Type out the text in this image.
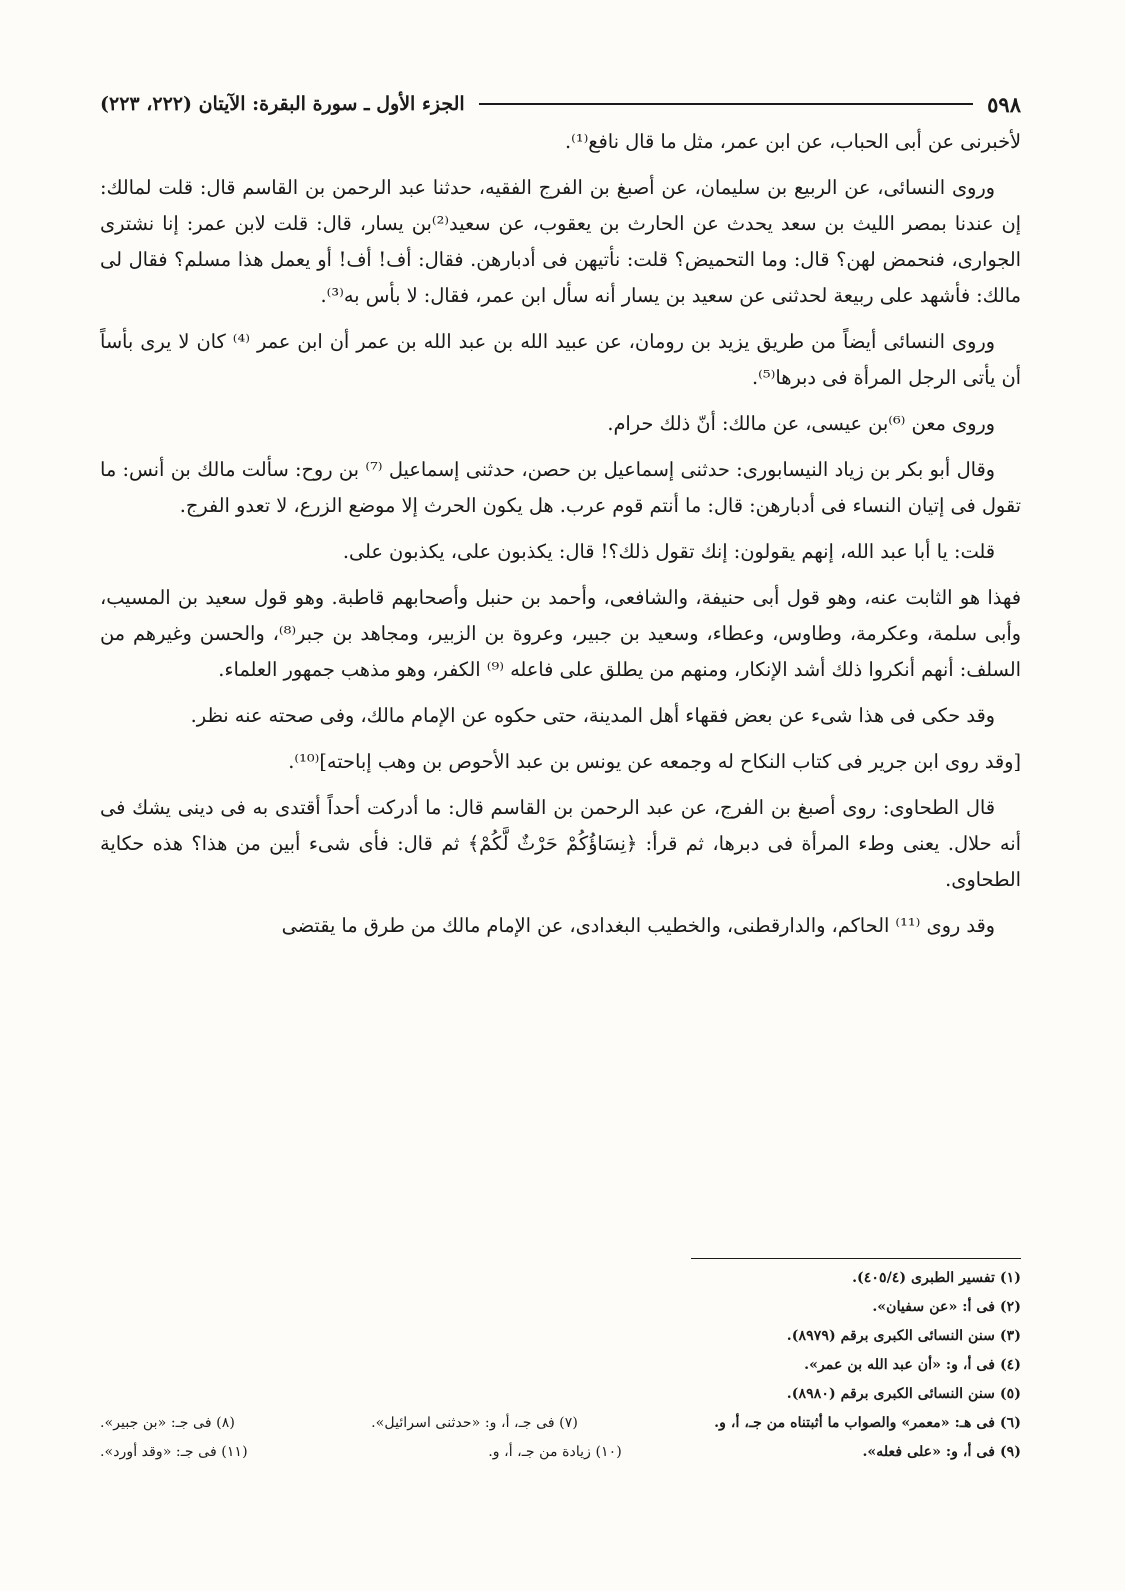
٥٩٨
الجزء الأول ـ سورة البقرة: الآيتان (٢٢٢، ٢٢٣)

لأخبرنى عن أبى الحباب، عن ابن عمر، مثل ما قال نافع⁽¹⁾.

وروى النسائى، عن الربيع بن سليمان، عن أصبغ بن الفرج الفقيه، حدثنا عبد الرحمن بن القاسم قال: قلت لمالك: إن عندنا بمصر الليث بن سعد يحدث عن الحارث بن يعقوب، عن سعيد⁽²⁾بن يسار، قال: قلت لابن عمر: إنا نشترى الجوارى، فنحمض لهن؟ قال: وما التحميض؟ قلت: نأتيهن فى أدبارهن. فقال: أف! أف! أو يعمل هذا مسلم؟ فقال لى مالك: فأشهد على ربيعة لحدثنى عن سعيد بن يسار أنه سأل ابن عمر، فقال: لا بأس به⁽³⁾.

وروى النسائى أيضاً من طريق يزيد بن رومان، عن عبيد الله بن عبد الله بن عمر أن ابن عمر ⁽⁴⁾ كان لا يرى بأساً أن يأتى الرجل المرأة فى دبرها⁽⁵⁾.

وروى معن ⁽⁶⁾بن عيسى، عن مالك: أنّ ذلك حرام.

وقال أبو بكر بن زياد النيسابورى: حدثنى إسماعيل بن حصن، حدثنى إسماعيل ⁽⁷⁾ بن روح: سألت مالك بن أنس: ما تقول فى إتيان النساء فى أدبارهن: قال: ما أنتم قوم عرب. هل يكون الحرث إلا موضع الزرع، لا تعدو الفرج.

قلت: يا أبا عبد الله، إنهم يقولون: إنك تقول ذلك؟! قال: يكذبون على، يكذبون على.

فهذا هو الثابت عنه، وهو قول أبى حنيفة، والشافعى، وأحمد بن حنبل وأصحابهم قاطبة. وهو قول سعيد بن المسيب، وأبى سلمة، وعكرمة، وطاوس، وعطاء، وسعيد بن جبير، وعروة بن الزبير، ومجاهد بن جبر⁽⁸⁾، والحسن وغيرهم من السلف: أنهم أنكروا ذلك أشد الإنكار، ومنهم من يطلق على فاعله ⁽⁹⁾ الكفر، وهو مذهب جمهور العلماء.

وقد حكى فى هذا شىء عن بعض فقهاء أهل المدينة، حتى حكوه عن الإمام مالك، وفى صحته عنه نظر.

[وقد روى ابن جرير فى كتاب النكاح له وجمعه عن يونس بن عبد الأحوص بن وهب إباحته]⁽¹⁰⁾.

قال الطحاوى: روى أصبغ بن الفرج، عن عبد الرحمن بن القاسم قال: ما أدركت أحداً أقتدى به فى دينى يشك فى أنه حلال. يعنى وطء المرأة فى دبرها، ثم قرأ: ﴿نِسَاؤُكُمْ حَرْثٌ لَّكُمْ﴾ ثم قال: فأى شىء أبين من هذا؟ هذه حكاية الطحاوى.

وقد روى ⁽¹¹⁾ الحاكم، والدارقطنى، والخطيب البغدادى، عن الإمام مالك من طرق ما يقتضى

(١) تفسير الطبرى (٤٠٥/٤).
(٢) فى أ: «عن سفيان».
(٣) سنن النسائى الكبرى برقم (٨٩٧٩).
(٤) فى أ، و: «أن عبد الله بن عمر».
(٥) سنن النسائى الكبرى برقم (٨٩٨٠).
(٦) فى هـ: «معمر» والصواب ما أثبتناه من جـ، أ، و.
(٧) فى جـ، أ، و: «حدثنى اسرائيل».
(٨) فى جـ: «بن جبير».
(٩) فى أ، و: «على فعله».
(١٠) زيادة من جـ، أ، و.
(١١) فى جـ: «وقد أورد».
